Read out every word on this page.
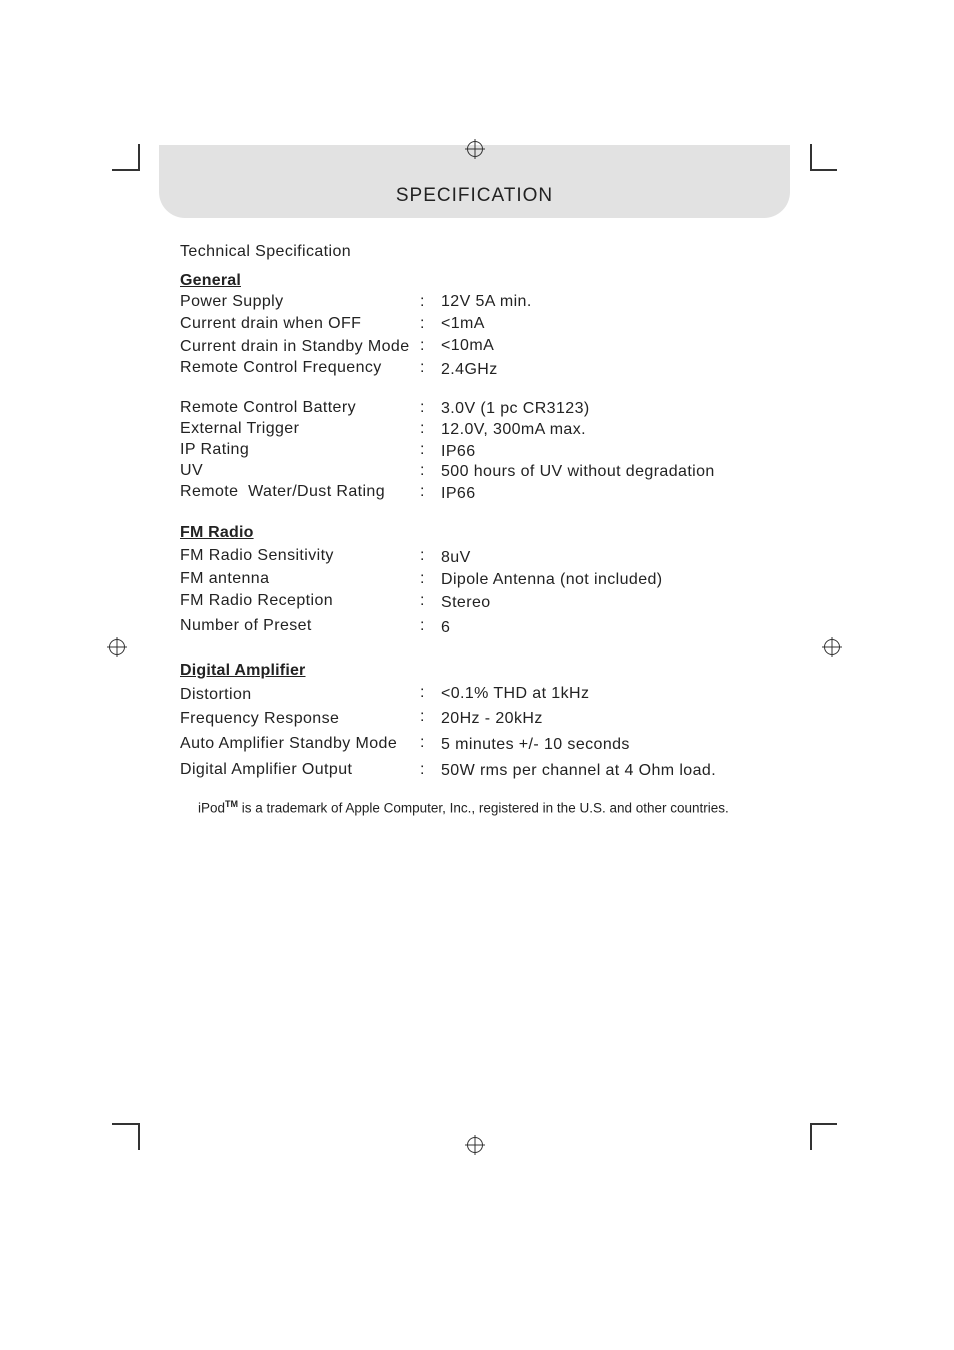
SPECIFICATION
Technical Specification
General
Power Supply	: 12V 5A min.
Current drain when OFF	: <1mA
Current drain in Standby Mode : <10mA
Remote Control Frequency : 2.4GHz
Remote Control Battery	: 3.0V (1 pc CR3123)
External Trigger	: 12.0V, 300mA max.
IP Rating	: IP66
UV	: 500 hours of UV without degradation
Remote  Water/Dust Rating : IP66
FM Radio
FM Radio Sensitivity	: 8uV
FM antenna	: Dipole Antenna (not included)
FM Radio Reception	: Stereo
Number of Preset	: 6
Digital Amplifier
Distortion	: <0.1% THD at 1kHz
Frequency Response	: 20Hz - 20kHz
Auto Amplifier Standby Mode : 5 minutes +/- 10 seconds
Digital Amplifier Output	: 50W rms per channel at 4 Ohm load.
iPod™ is a trademark of Apple Computer, Inc., registered in the U.S. and other countries.
